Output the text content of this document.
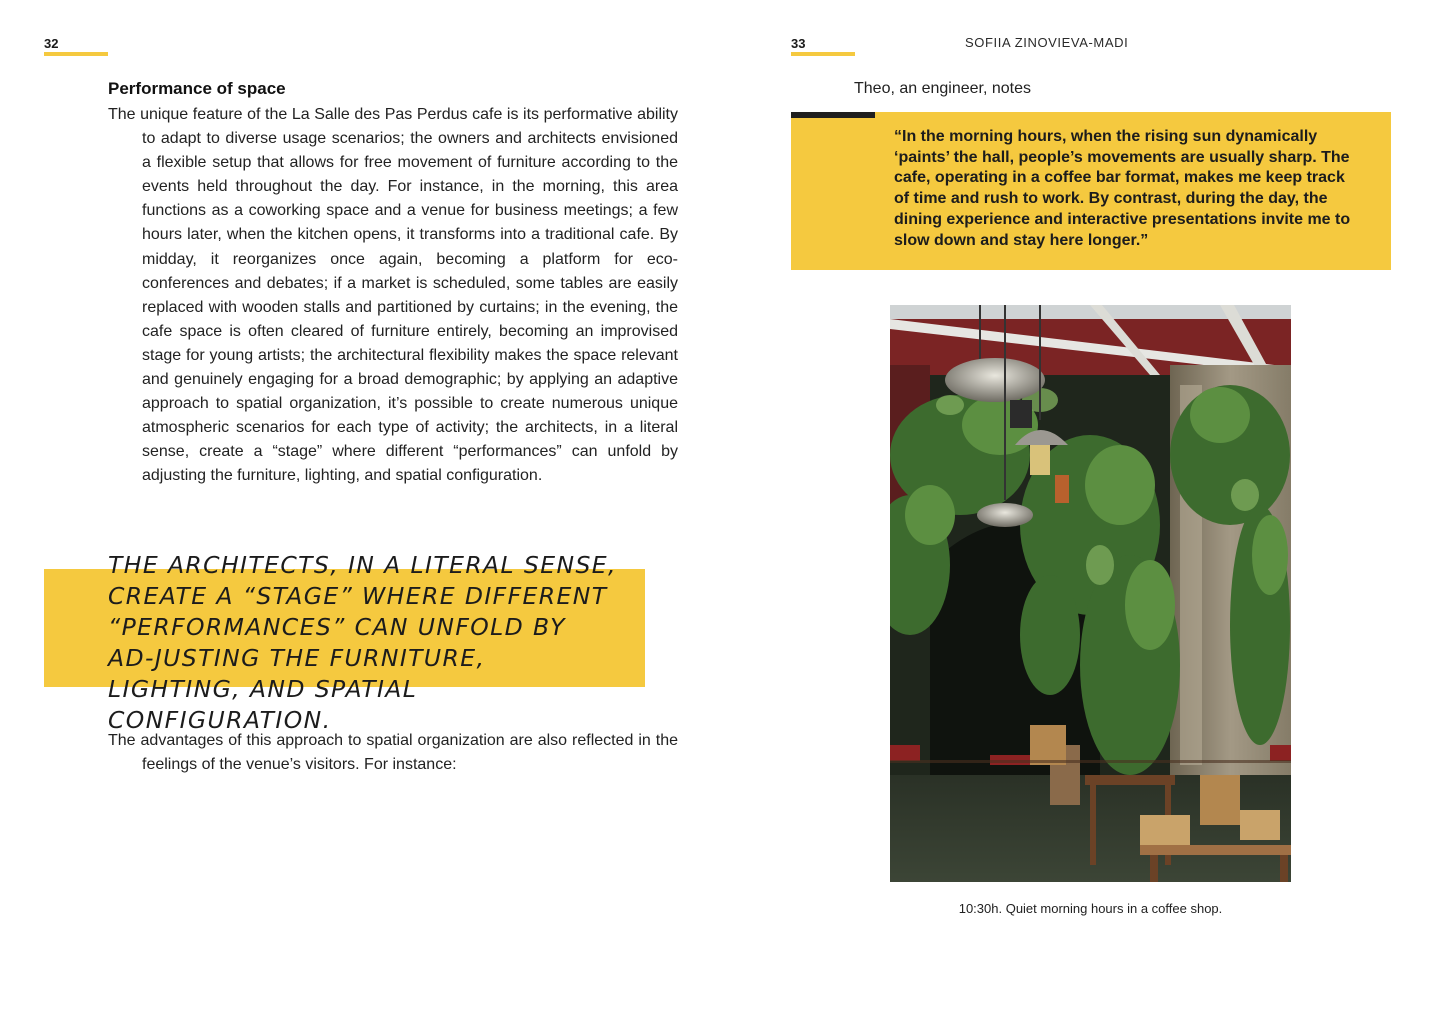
32
Performance of space

The unique feature of the La Salle des Pas Perdus cafe is its performative ability to adapt to diverse usage scenarios; the owners and architects envisioned a flexible setup that allows for free movement of furniture according to the events held throughout the day. For instance, in the morning, this area functions as a coworking space and a venue for business meetings; a few hours later, when the kitchen opens, it transforms into a traditional cafe. By midday, it reorganizes once again, becoming a platform for eco-conferences and debates; if a market is scheduled, some tables are easily replaced with wooden stalls and partitioned by curtains; in the evening, the cafe space is often cleared of furniture entirely, becoming an improvised stage for young artists; the architectural flexibility makes the space relevant and genuinely engaging for a broad demographic; by applying an adaptive approach to spatial organization, it’s possible to create numerous unique atmospheric scenarios for each type of activity; the architects, in a literal sense, create a “stage” where different “performances” can unfold by adjusting the furniture, lighting, and spatial configuration.

THE ARCHITECTS, IN A LITERAL SENSE, CREATE A “STAGE” WHERE DIFFERENT “PERFORMANCES” CAN UNFOLD BY AD-JUSTING THE FURNITURE, LIGHTING, AND SPATIAL CONFIGURATION.

The advantages of this approach to spatial organization are also reflected in the feelings of the venue’s visitors. For instance:

33	SOFIIA ZINOVIEVA-MADI
Theo, an engineer, notes
“In the morning hours, when the rising sun dynamically ‘paints’ the hall, people’s movements are usually sharp. The cafe, operating in a coffee bar format, makes me keep track of time and rush to work. By contrast, during the day, the dining experience and interactive presentations invite me to slow down and stay here longer.”
10:30h. Quiet morning hours in a coffee shop.
